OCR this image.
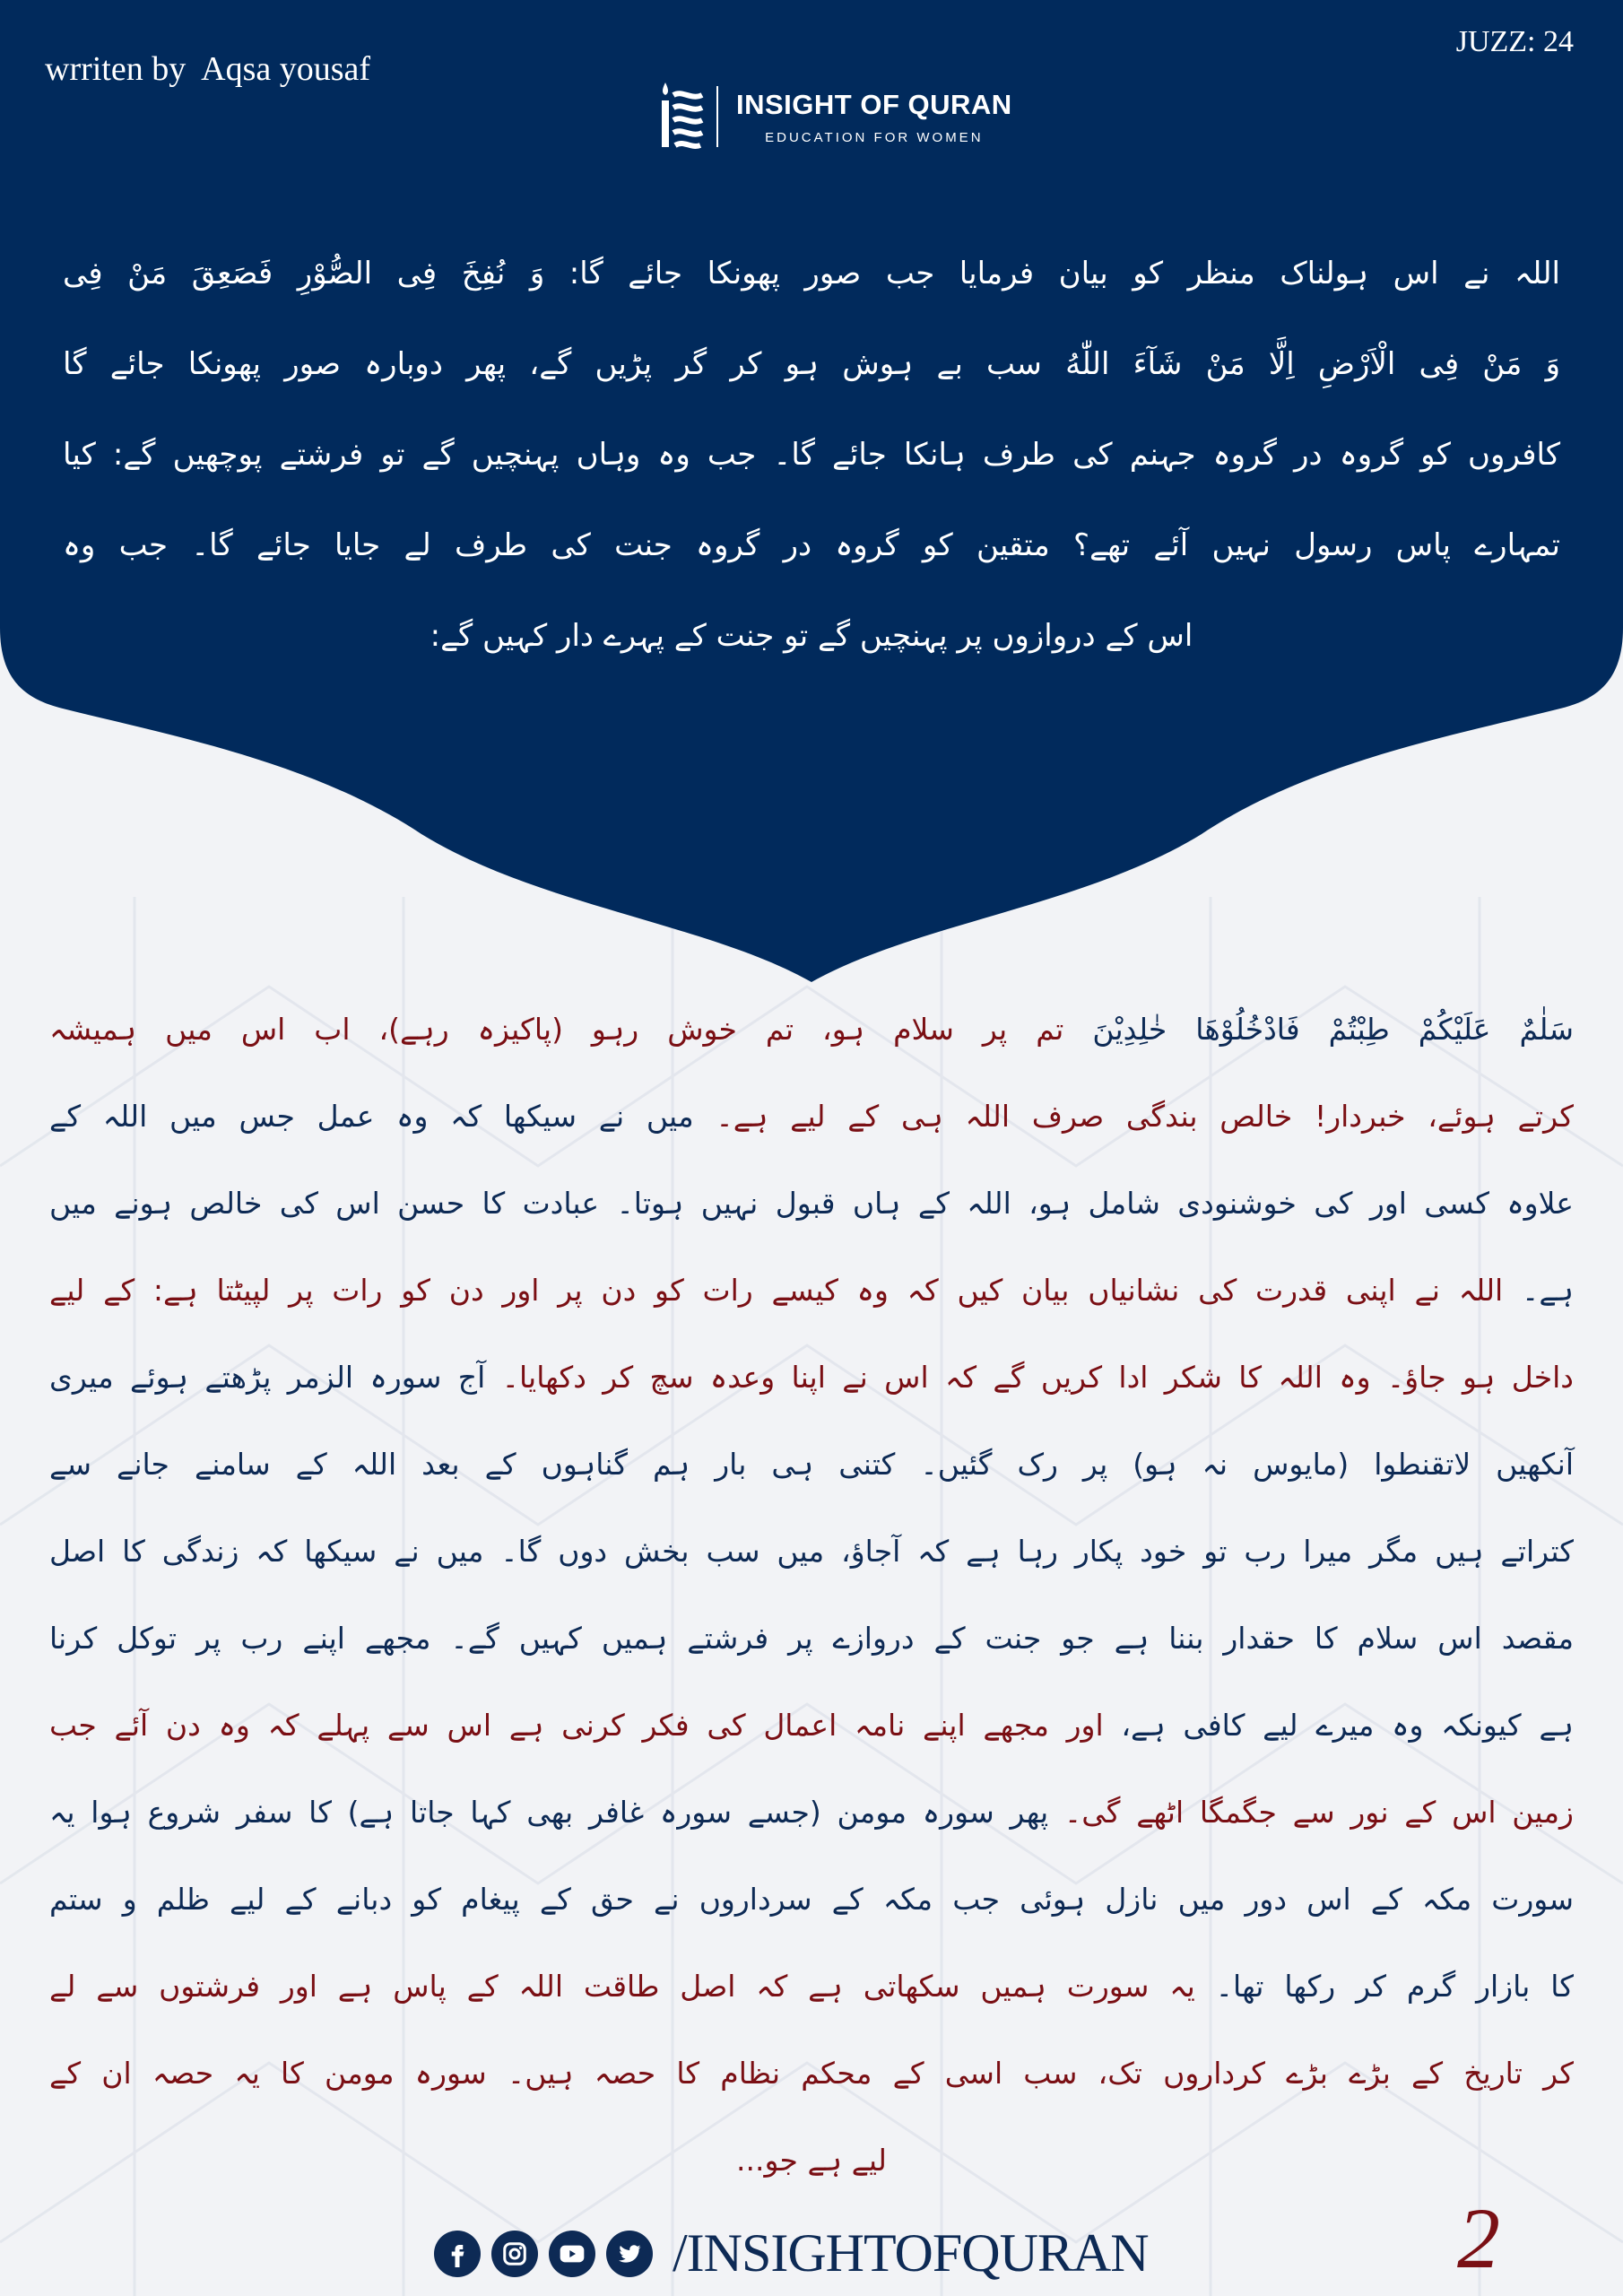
wrriten by  Aqsa yousaf
JUZZ: 24
INSIGHT OF QURAN
EDUCATION FOR WOMEN
اللہ نے اس ہولناک منظر کو بیان فرمایا جب صور پھونکا جائے گا: وَ نُفِخَ فِی الصُّوْرِ فَصَعِقَ مَنْ فِی
وَ مَنْ فِی الْاَرْضِ اِلَّا مَنْ شَآءَ اللّٰهُ سب بے ہوش ہو کر گر پڑیں گے، پھر دوبارہ صور پھونکا جائے گا
کافروں کو گروہ در گروہ جہنم کی طرف ہانکا جائے گا۔ جب وہ وہاں پہنچیں گے تو فرشتے پوچھیں گے: کیا
تمہارے پاس رسول نہیں آئے تھے؟ متقین کو گروہ در گروہ جنت کی طرف لے جایا جائے گا۔ جب وہ
اس کے دروازوں پر پہنچیں گے تو جنت کے پہرے دار کہیں گے:
سَلٰمٌ عَلَيْكُمْ طِبْتُمْ فَادْخُلُوْهَا خٰلِدِيْنَ تم پر سلام ہو، تم خوش رہو (پاکیزہ رہے)، اب اس میں ہمیشہ
کرتے ہوئے، خبردار! خالص بندگی صرف اللہ ہی کے لیے ہے۔ میں نے سیکھا کہ وہ عمل جس میں اللہ کے
علاوہ کسی اور کی خوشنودی شامل ہو، اللہ کے ہاں قبول نہیں ہوتا۔ عبادت کا حسن اس کی خالص ہونے میں
ہے۔ اللہ نے اپنی قدرت کی نشانیاں بیان کیں کہ وہ کیسے رات کو دن پر اور دن کو رات پر لپیٹتا ہے: کے لیے
داخل ہو جاؤ۔ وہ اللہ کا شکر ادا کریں گے کہ اس نے اپنا وعدہ سچ کر دکھایا۔ آج سورہ الزمر پڑھتے ہوئے میری
آنکھیں لاتقنطوا (مایوس نہ ہو) پر رک گئیں۔ کتنی ہی بار ہم گناہوں کے بعد اللہ کے سامنے جانے سے
کتراتے ہیں مگر میرا رب تو خود پکار رہا ہے کہ آجاؤ، میں سب بخش دوں گا۔ میں نے سیکھا کہ زندگی کا اصل
مقصد اس سلام کا حقدار بننا ہے جو جنت کے دروازے پر فرشتے ہمیں کہیں گے۔ مجھے اپنے رب پر توکل کرنا
ہے کیونکہ وہ میرے لیے کافی ہے، اور مجھے اپنے نامہ اعمال کی فکر کرنی ہے اس سے پہلے کہ وہ دن آئے جب
زمین اس کے نور سے جگمگا اٹھے گی۔ پھر سورہ مومن (جسے سورہ غافر بھی کہا جاتا ہے) کا سفر شروع ہوا یہ
سورت مکہ کے اس دور میں نازل ہوئی جب مکہ کے سرداروں نے حق کے پیغام کو دبانے کے لیے ظلم و ستم
کا بازار گرم کر رکھا تھا۔ یہ سورت ہمیں سکھاتی ہے کہ اصل طاقت اللہ کے پاس ہے اور فرشتوں سے لے
کر تاریخ کے بڑے بڑے کرداروں تک، سب اسی کے محکم نظام کا حصہ ہیں۔ سورہ مومن کا یہ حصہ ان کے
لیے ہے جو...
/INSIGHTOFQURAN	2
